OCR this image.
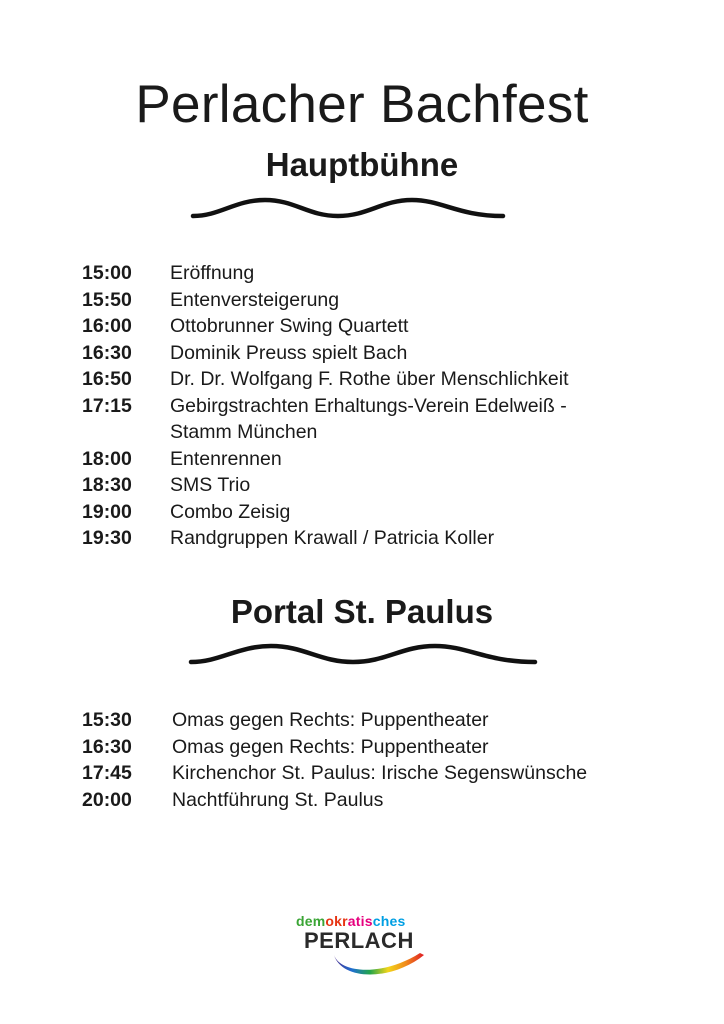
Perlacher Bachfest
Hauptbühne
15:00	Eröffnung
15:50	Entenversteigerung
16:00	Ottobrunner Swing Quartett
16:30	Dominik Preuss spielt Bach
16:50	Dr. Dr. Wolfgang F. Rothe über Menschlichkeit
17:15	Gebirgstrachten Erhaltungs-Verein Edelweiß -
Stamm München
18:00	Entenrennen
18:30	SMS Trio
19:00	Combo Zeisig
19:30	Randgruppen Krawall / Patricia Koller
Portal St. Paulus
15:30	Omas gegen Rechts: Puppentheater
16:30	Omas gegen Rechts: Puppentheater
17:45	Kirchenchor St. Paulus: Irische Segenswünsche
20:00	Nachtführung St. Paulus
demokratisches
PERLACH
